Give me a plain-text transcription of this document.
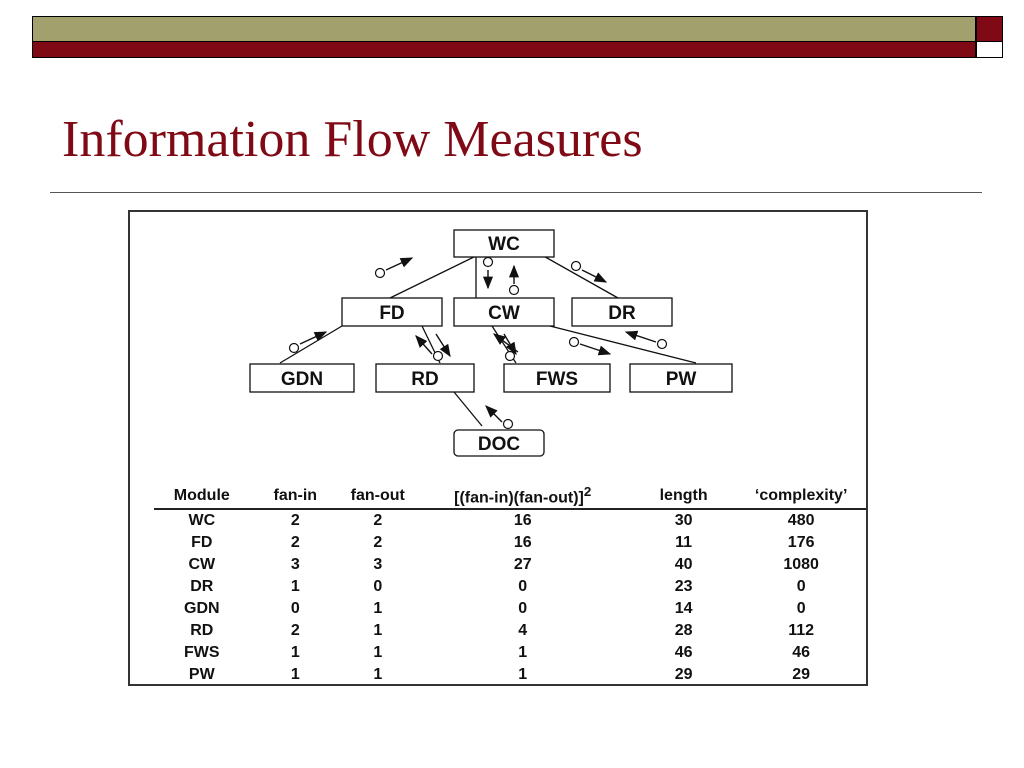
Information Flow Measures
WC
FD	CW	DR
GDN	RD	FWS	PW
DOC
Module	fan-in	fan-out	$[(fan-in)(fan-out)]^2$	length	‘complexity’
WC	2	2	16	30	480
FD	2	2	16	11	176
CW	3	3	27	40	1080
DR	1	0	0	23	0
GDN	0	1	0	14	0
RD	2	1	4	28	112
FWS	1	1	1	46	46
PW	1	1	1	29	29
